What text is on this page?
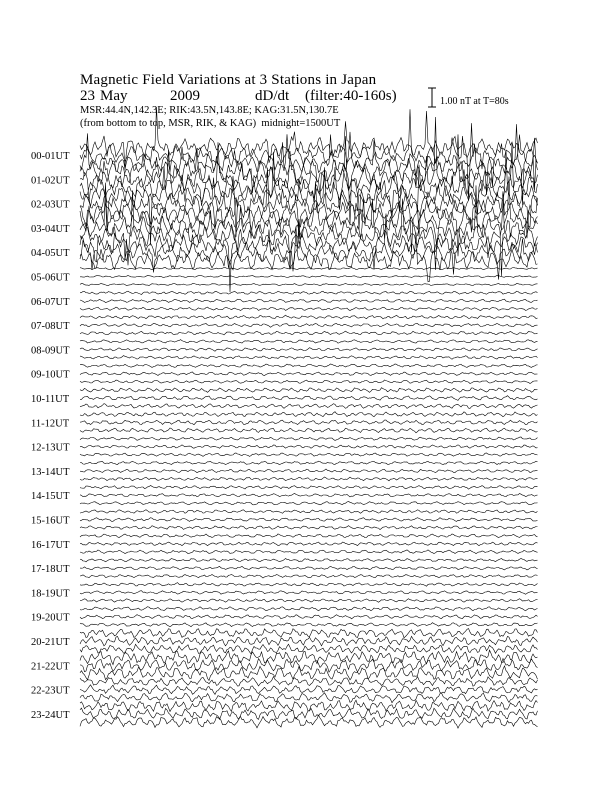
Magnetic Field Variations at 3 Stations in Japan
23 May	2009	dD/dt (filter:40-160s)
MSR:44.4N,142.3E; RIK:43.5N,143.8E; KAG:31.5N,130.7E
(from bottom to top, MSR, RIK, & KAG) midnight=1500UT
1.00 nT at T=80s
00-01UT
01-02UT
02-03UT
03-04UT
04-05UT
05-06UT
06-07UT
07-08UT
08-09UT
09-10UT
10-11UT
11-12UT
12-13UT
13-14UT
14-15UT
15-16UT
16-17UT
17-18UT
18-19UT
19-20UT
20-21UT
21-22UT
22-23UT
23-24UT
